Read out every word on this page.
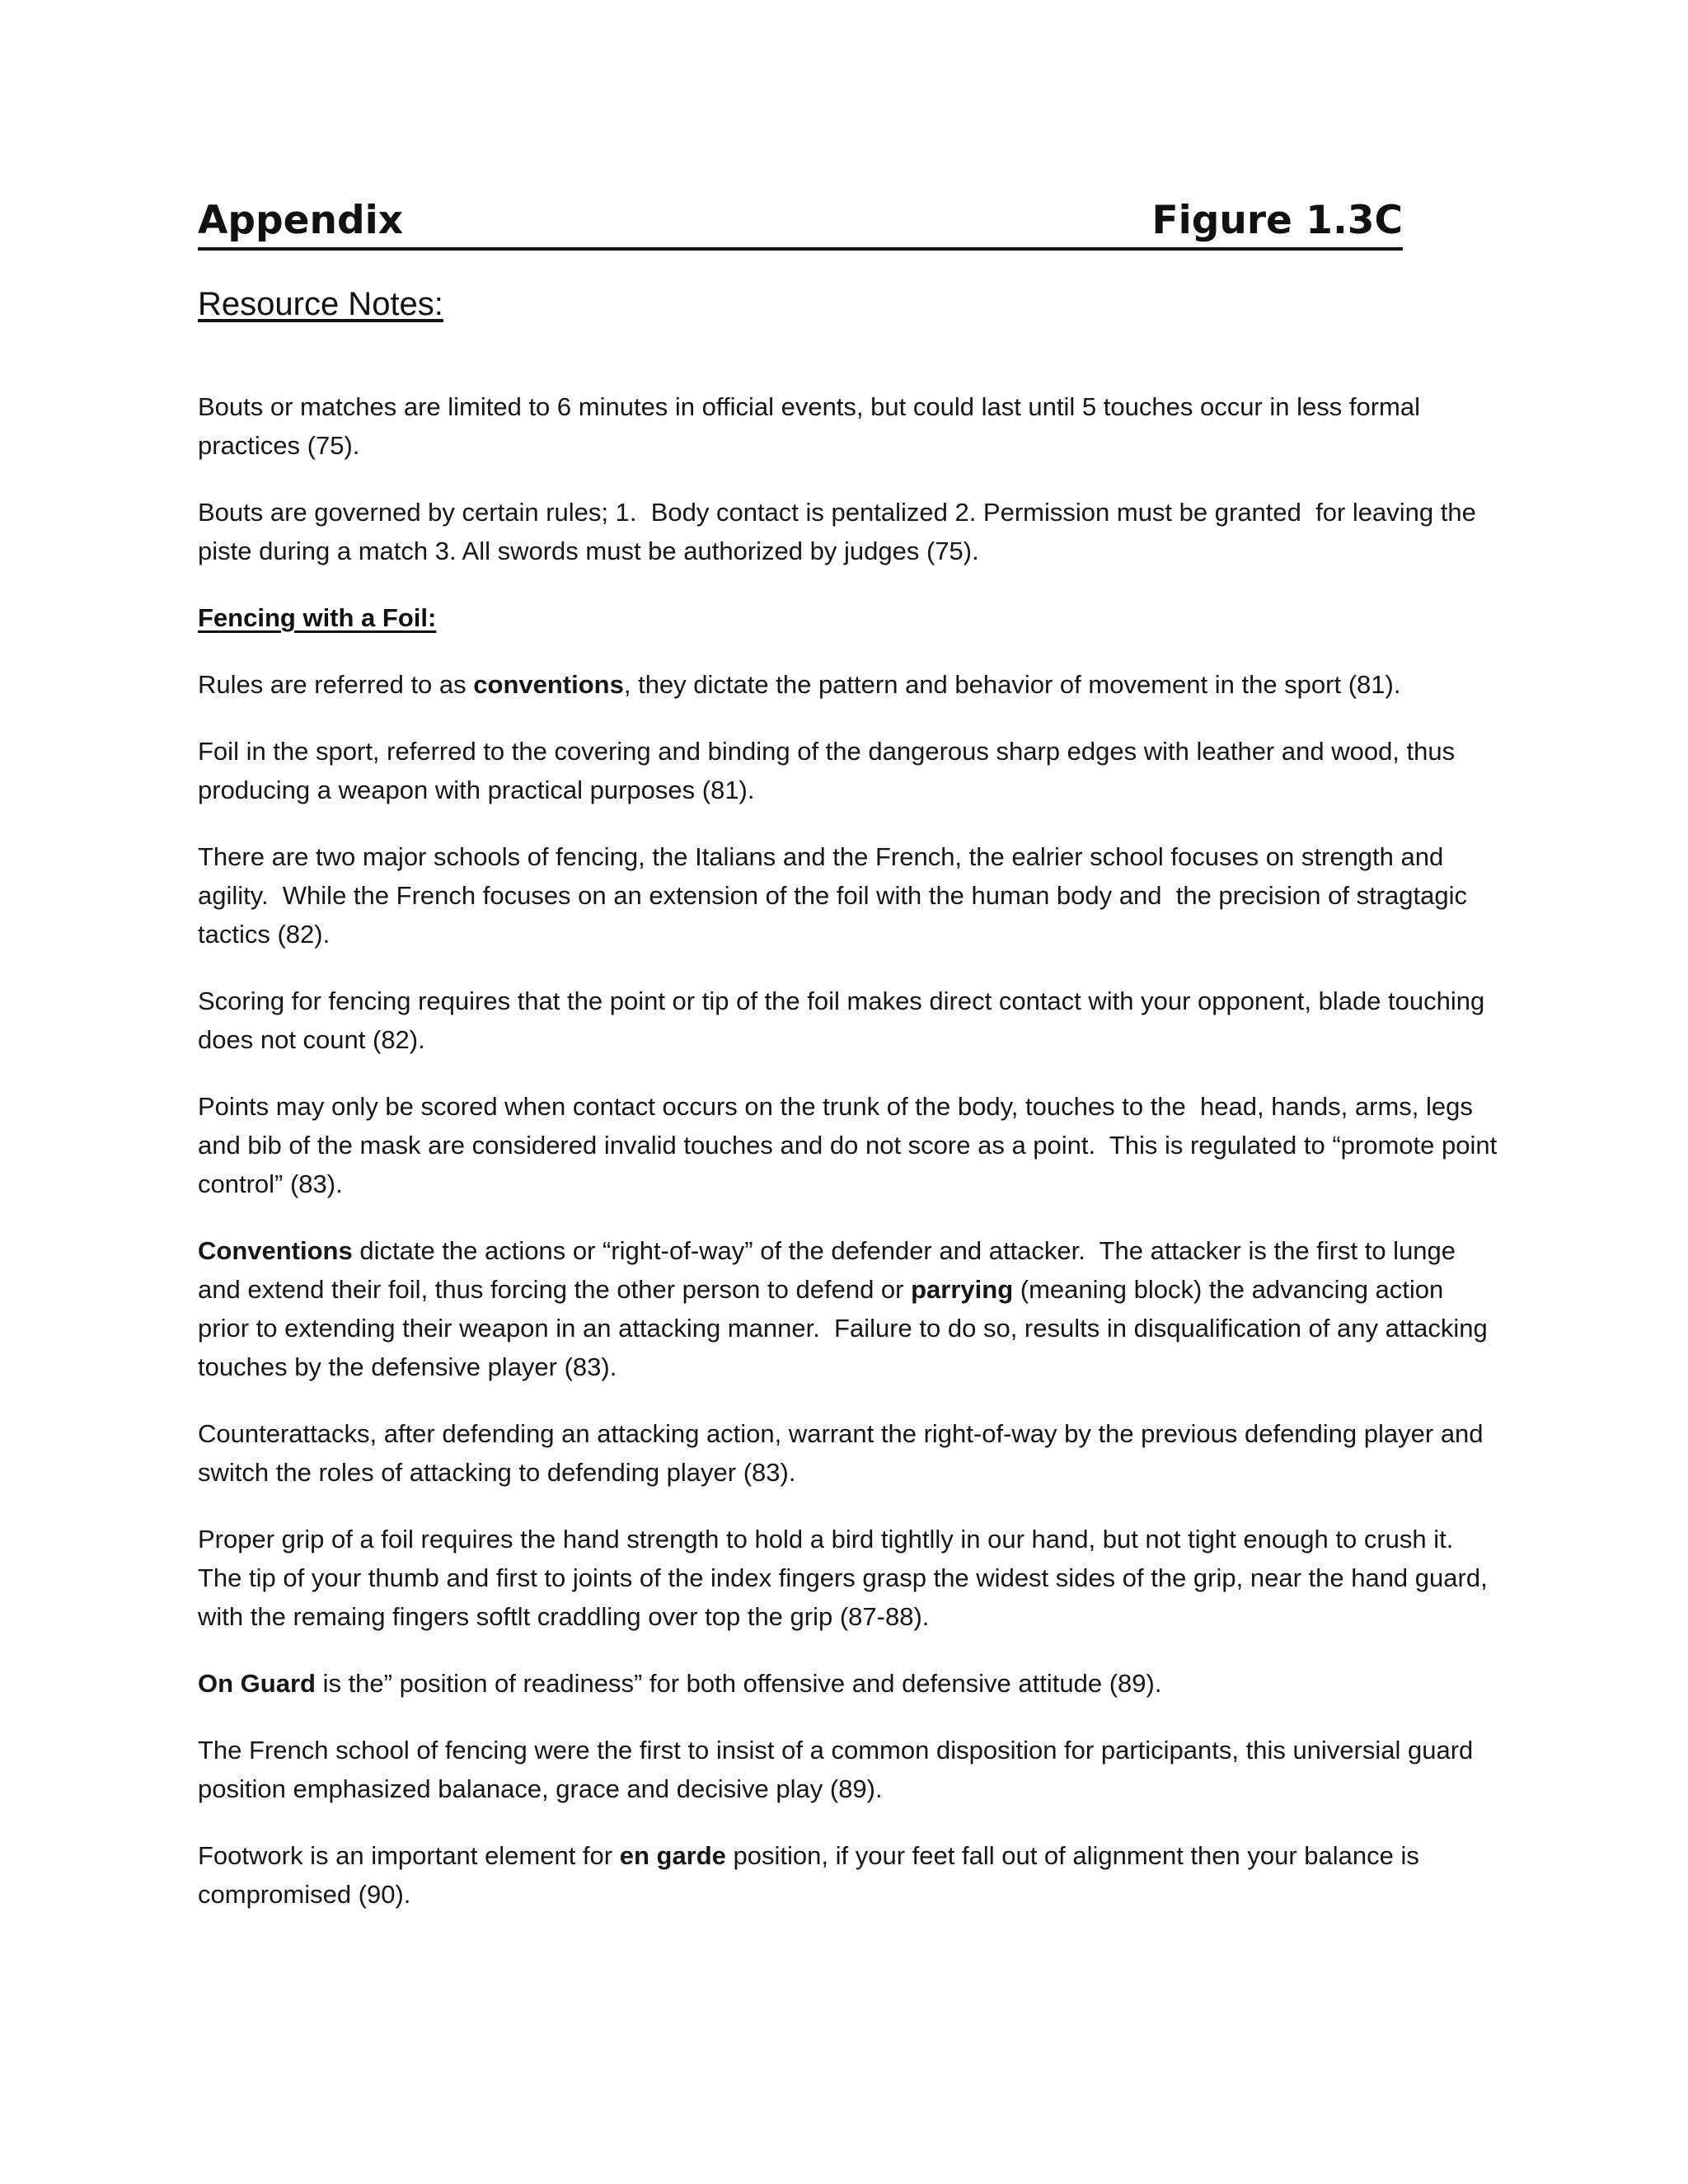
Appendix	Figure 1.3C
Resource Notes:

Bouts or matches are limited to 6 minutes in official events, but could last until 5 touches occur in less formal practices (75).

Bouts are governed by certain rules; 1.  Body contact is pentalized 2. Permission must be granted  for leaving the piste during a match 3. All swords must be authorized by judges (75).

Fencing with a Foil:

Rules are referred to as conventions, they dictate the pattern and behavior of movement in the sport (81).

Foil in the sport, referred to the covering and binding of the dangerous sharp edges with leather and wood, thus producing a weapon with practical purposes (81).

There are two major schools of fencing, the Italians and the French, the ealrier school focuses on strength and agility.  While the French focuses on an extension of the foil with the human body and  the precision of stragtagic tactics (82).

Scoring for fencing requires that the point or tip of the foil makes direct contact with your opponent, blade touching does not count (82).

Points may only be scored when contact occurs on the trunk of the body, touches to the  head, hands, arms, legs and bib of the mask are considered invalid touches and do not score as a point.  This is regulated to “promote point control” (83).

Conventions dictate the actions or “right-of-way” of the defender and attacker.  The attacker is the first to lunge and extend their foil, thus forcing the other person to defend or parrying (meaning block) the advancing action prior to extending their weapon in an attacking manner.  Failure to do so, results in disqualification of any attacking touches by the defensive player (83).

Counterattacks, after defending an attacking action, warrant the right-of-way by the previous defending player and switch the roles of attacking to defending player (83).

Proper grip of a foil requires the hand strength to hold a bird tightlly in our hand, but not tight enough to crush it.  The tip of your thumb and first to joints of the index fingers grasp the widest sides of the grip, near the hand guard, with the remaing fingers softlt craddling over top the grip (87-88).

On Guard is the” position of readiness” for both offensive and defensive attitude (89).

The French school of fencing were the first to insist of a common disposition for participants, this universial guard position emphasized balanace, grace and decisive play (89).

Footwork is an important element for en garde position, if your feet fall out of alignment then your balance is compromised (90).
